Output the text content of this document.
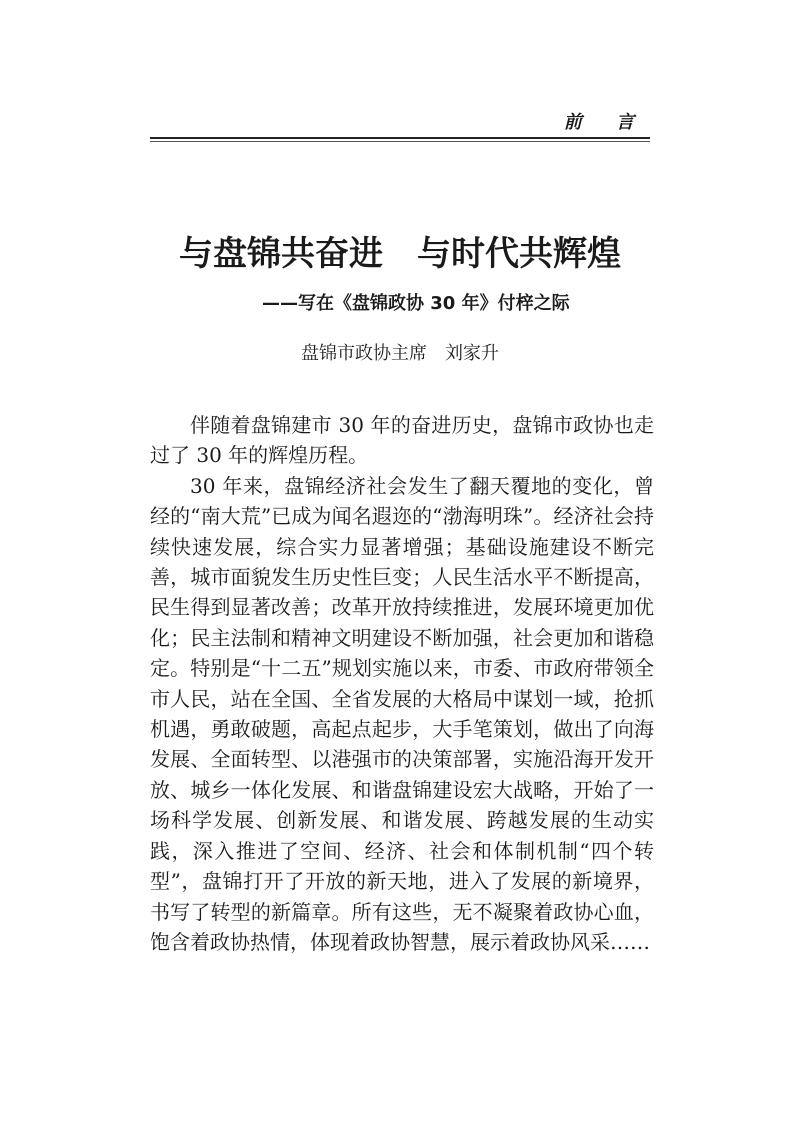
前 言
与盘锦共奋进　与时代共辉煌
——写在《盘锦政协 30 年》付梓之际
盘锦市政协主席　刘家升

伴随着盘锦建市 30 年的奋进历史，盘锦市政协也走过了 30 年的辉煌历程。

30 年来，盘锦经济社会发生了翻天覆地的变化，曾经的“南大荒”已成为闻名遐迩的“渤海明珠”。经济社会持续快速发展，综合实力显著增强；基础设施建设不断完善，城市面貌发生历史性巨变；人民生活水平不断提高，民生得到显著改善；改革开放持续推进，发展环境更加优化；民主法制和精神文明建设不断加强，社会更加和谐稳定。特别是“十二五”规划实施以来，市委、市政府带领全市人民，站在全国、全省发展的大格局中谋划一域，抢抓机遇，勇敢破题，高起点起步，大手笔策划，做出了向海发展、全面转型、以港强市的决策部署，实施沿海开发开放、城乡一体化发展、和谐盘锦建设宏大战略，开始了一场科学发展、创新发展、和谐发展、跨越发展的生动实践，深入推进了空间、经济、社会和体制机制“四个转型”，盘锦打开了开放的新天地，进入了发展的新境界，书写了转型的新篇章。所有这些，无不凝聚着政协心血，饱含着政协热情，体现着政协智慧，展示着政协风采……
